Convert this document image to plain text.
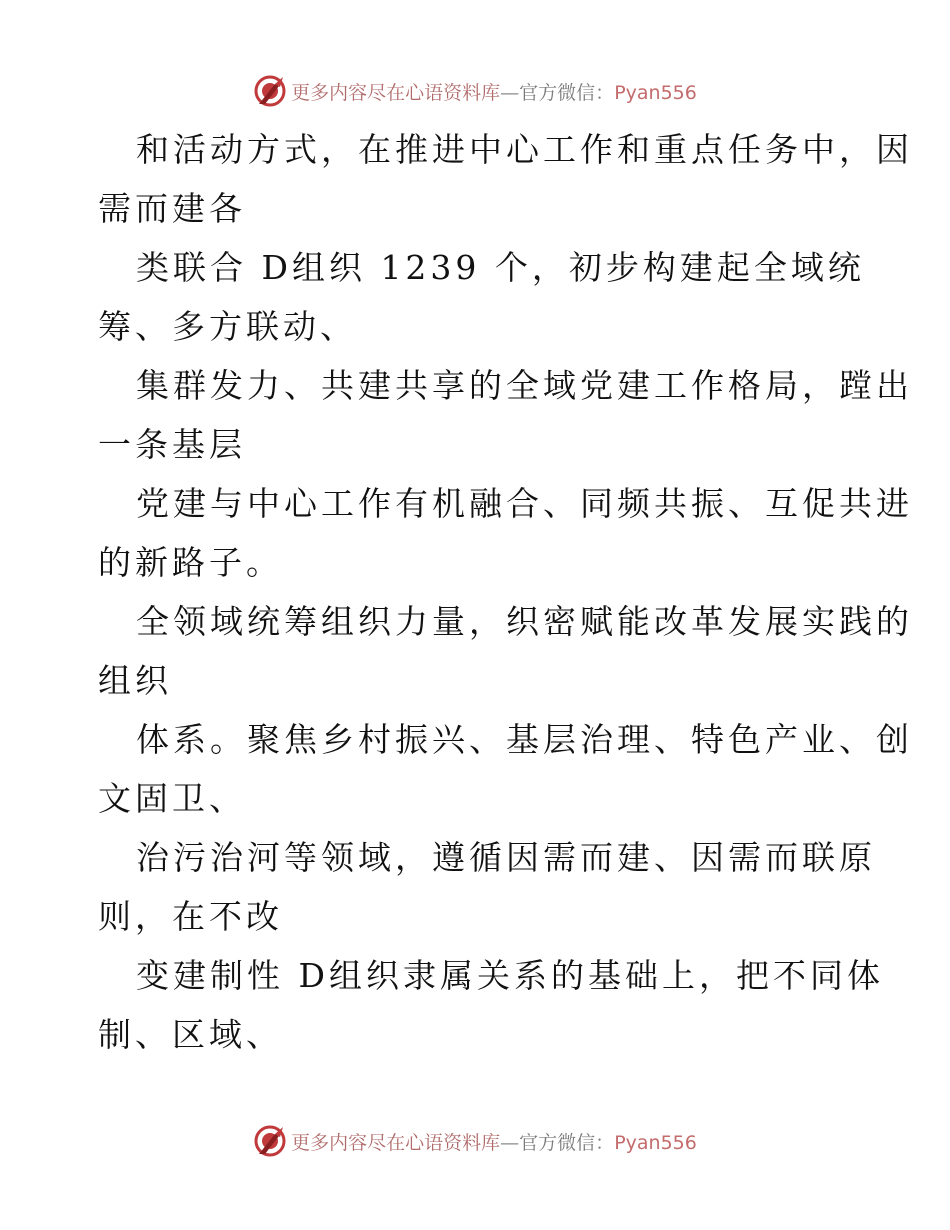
更多内容尽在心语资料库—官方微信：Pyan556

和活动方式，在推进中心工作和重点任务中，因
需而建各

类联合 D组织 1239 个，初步构建起全域统
筹、多方联动、

集群发力、共建共享的全域党建工作格局，蹚出
一条基层

党建与中心工作有机融合、同频共振、互促共进
的新路子。

全领域统筹组织力量，织密赋能改革发展实践的
组织

体系。聚焦乡村振兴、基层治理、特色产业、创
文固卫、

治污治河等领域，遵循因需而建、因需而联原
则，在不改

变建制性 D组织隶属关系的基础上，把不同体
制、区域、

更多内容尽在心语资料库—官方微信：Pyan556
